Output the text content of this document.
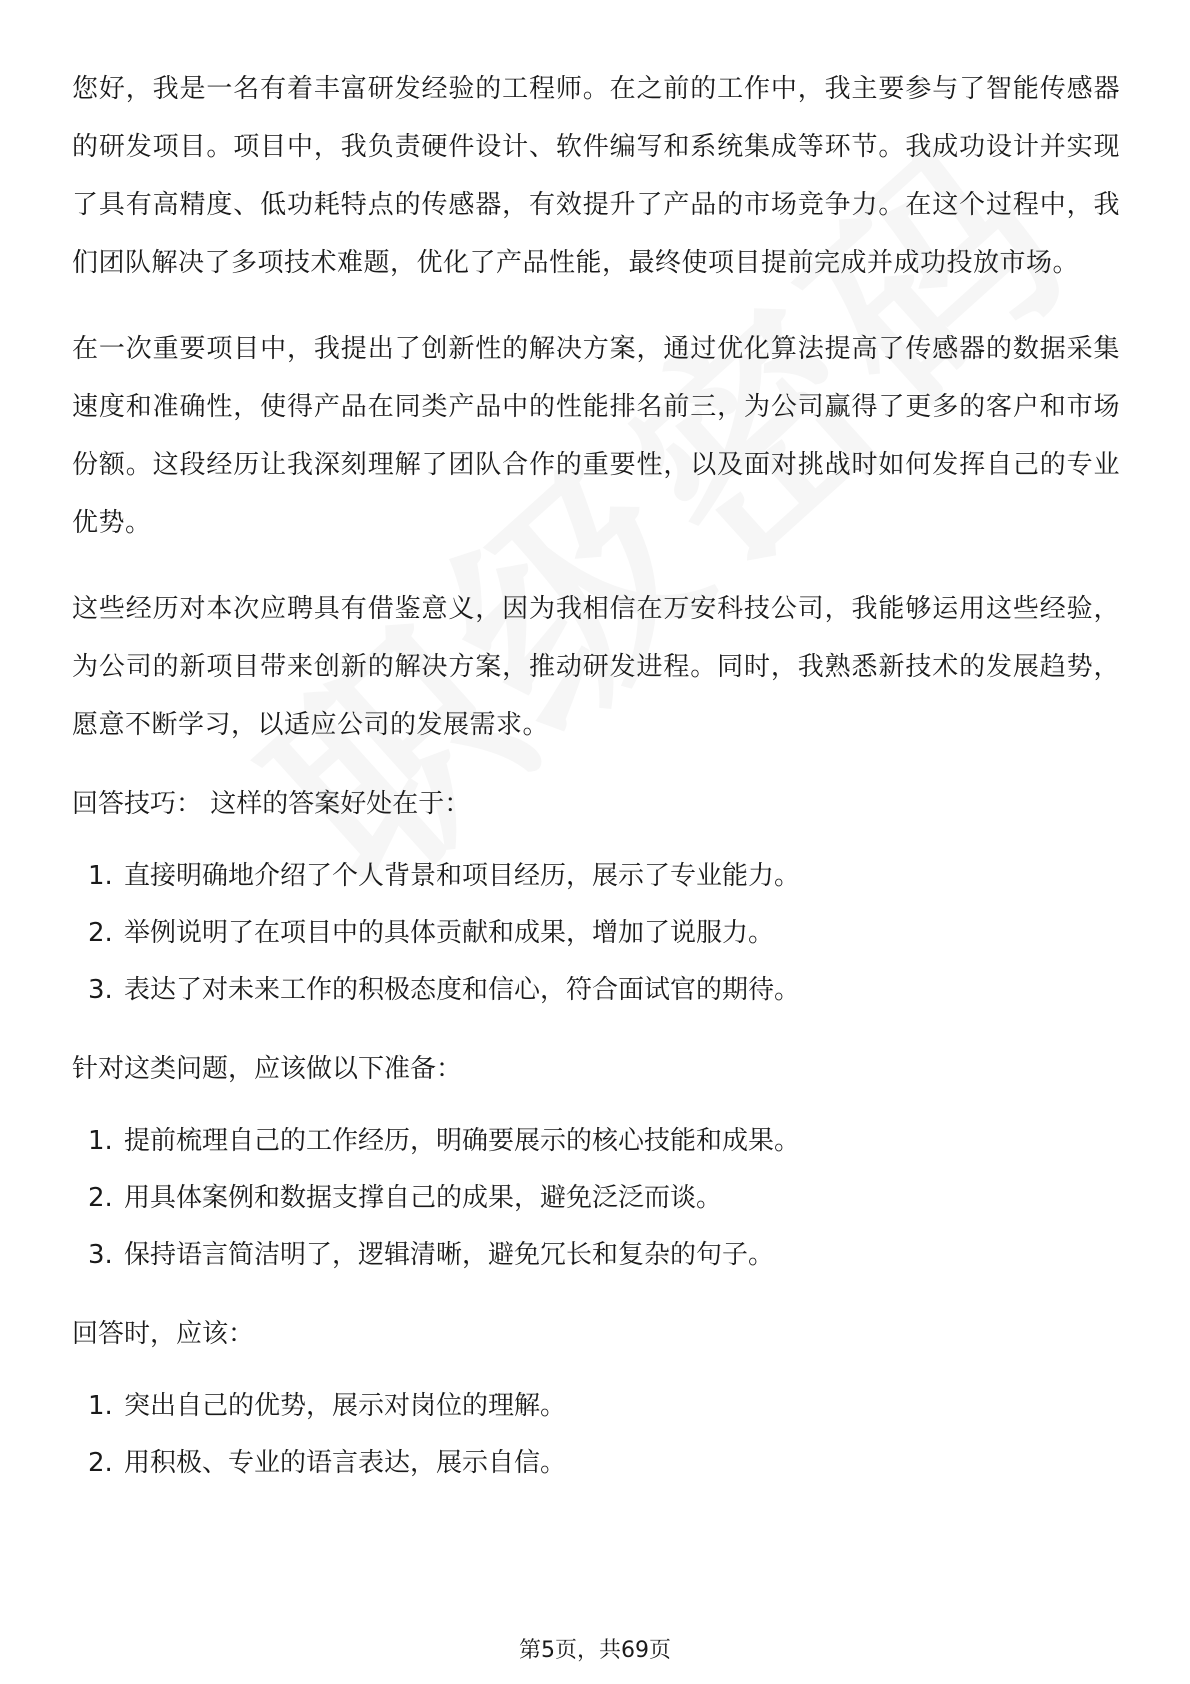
您好，我是一名有着丰富研发经验的工程师。在之前的工作中，我主要参与了智能传感器的研发项目。项目中，我负责硬件设计、软件编写和系统集成等环节。我成功设计并实现了具有高精度、低功耗特点的传感器，有效提升了产品的市场竞争力。在这个过程中，我们团队解决了多项技术难题，优化了产品性能，最终使项目提前完成并成功投放市场。

在一次重要项目中，我提出了创新性的解决方案，通过优化算法提高了传感器的数据采集速度和准确性，使得产品在同类产品中的性能排名前三，为公司赢得了更多的客户和市场份额。这段经历让我深刻理解了团队合作的重要性，以及面对挑战时如何发挥自己的专业优势。

这些经历对本次应聘具有借鉴意义，因为我相信在万安科技公司，我能够运用这些经验，为公司的新项目带来创新的解决方案，推动研发进程。同时，我熟悉新技术的发展趋势，愿意不断学习，以适应公司的发展需求。

回答技巧： 这样的答案好处在于：

1. 直接明确地介绍了个人背景和项目经历，展示了专业能力。
2. 举例说明了在项目中的具体贡献和成果，增加了说服力。
3. 表达了对未来工作的积极态度和信心，符合面试官的期待。

针对这类问题，应该做以下准备：

1. 提前梳理自己的工作经历，明确要展示的核心技能和成果。
2. 用具体案例和数据支撑自己的成果，避免泛泛而谈。
3. 保持语言简洁明了，逻辑清晰，避免冗长和复杂的句子。

回答时，应该：

1. 突出自己的优势，展示对岗位的理解。
2. 用积极、专业的语言表达，展示自信。
第5页，共69页
